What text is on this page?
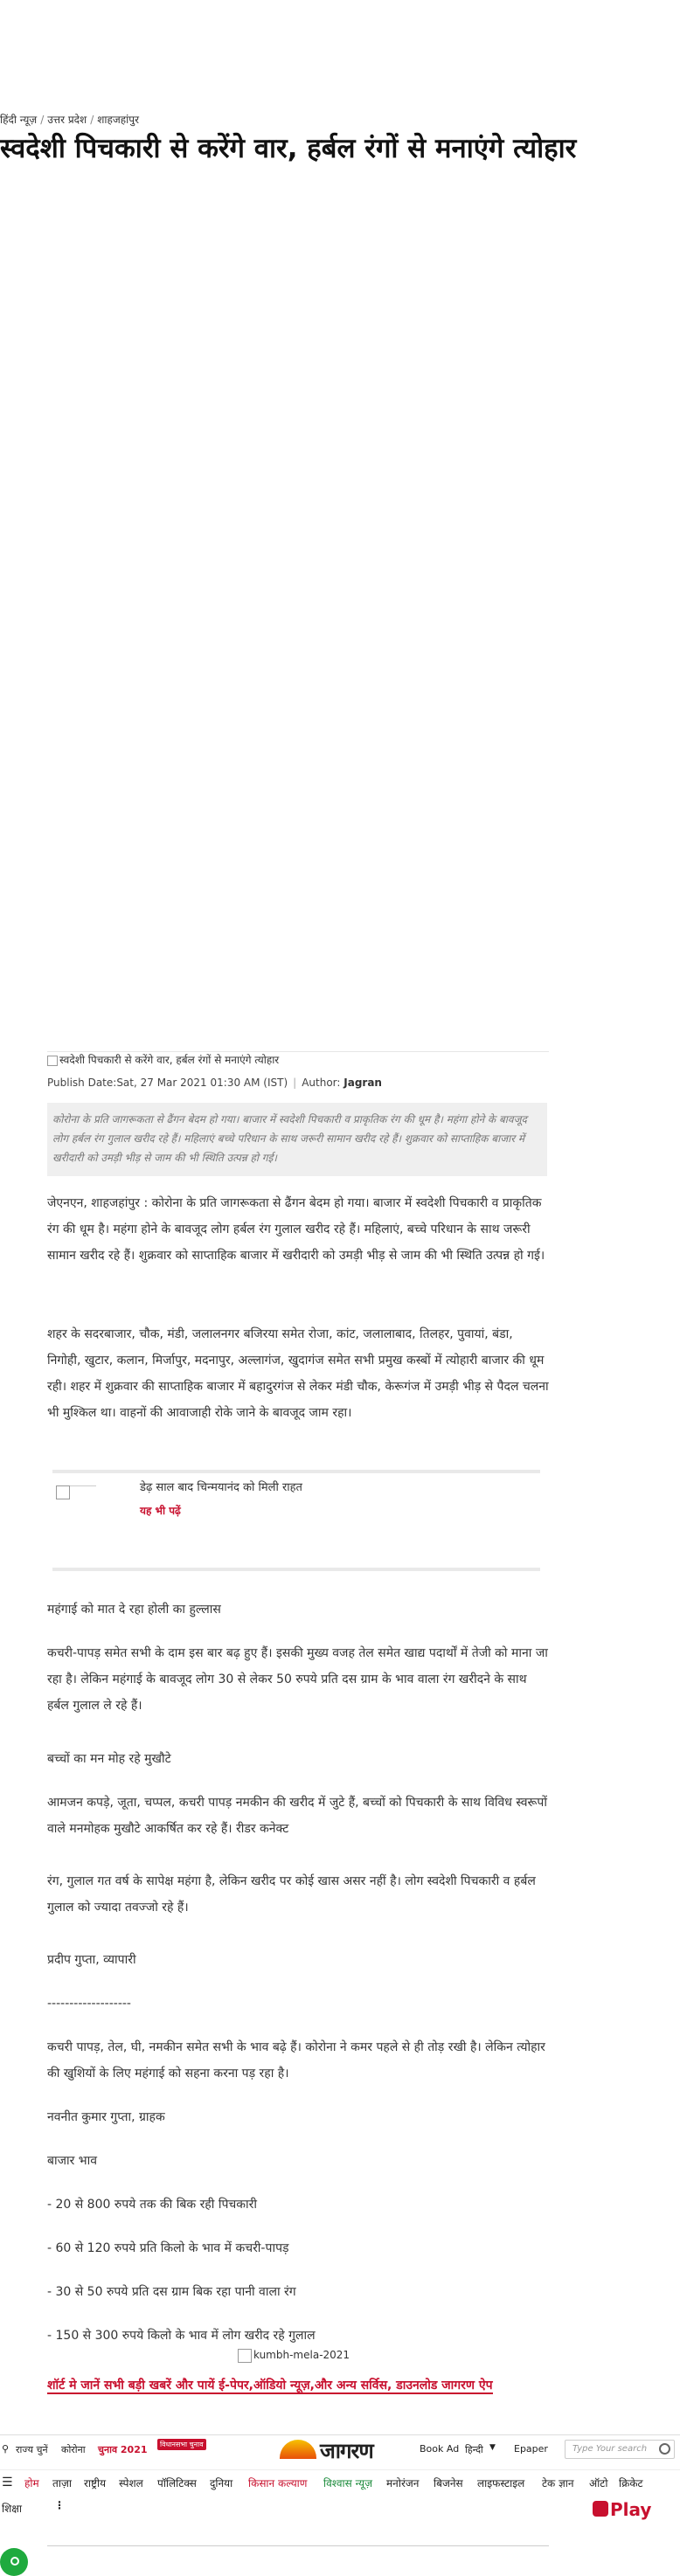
हिंदी न्यूज़ / उत्तर प्रदेश / शाहजहांपुर
स्वदेशी पिचकारी से करेंगे वार, हर्बल रंगों से मनाएंगे त्योहार
स्वदेशी पिचकारी से करेंगे वार, हर्बल रंगों से मनाएंगे त्योहार
Publish Date:Sat, 27 Mar 2021 01:30 AM (IST) | Author: Jagran
कोरोना के प्रति जागरूकता से ढैंगन बेदम हो गया। बाजार में स्वदेशी पिचकारी व प्राकृतिक रंग की धूम है। महंगा होने के बावजूद लोग हर्बल रंग गुलाल खरीद रहे हैं। महिलाएं बच्चे परिधान के साथ जरूरी सामान खरीद रहे हैं। शुक्रवार को साप्ताहिक बाजार में खरीदारी को उमड़ी भीड़ से जाम की भी स्थिति उत्पन्न हो गई।

जेएनएन, शाहजहांपुर : कोरोना के प्रति जागरूकता से ढैंगन बेदम हो गया। बाजार में स्वदेशी पिचकारी व प्राकृतिक रंग की धूम है। महंगा होने के बावजूद लोग हर्बल रंग गुलाल खरीद रहे हैं। महिलाएं, बच्चे परिधान के साथ जरूरी सामान खरीद रहे हैं। शुक्रवार को साप्ताहिक बाजार में खरीदारी को उमड़ी भीड़ से जाम की भी स्थिति उत्पन्न हो गई।

शहर के सदरबाजार, चौक, मंडी, जलालनगर बजिरया समेत रोजा, कांट, जलालाबाद, तिलहर, पुवायां, बंडा, निगोही, खुटार, कलान, मिर्जापुर, मदनापुर, अल्लागंज, खुदागंज समेत सभी प्रमुख कस्बों में त्योहारी बाजार की धूम रही। शहर में शुक्रवार की साप्ताहिक बाजार में बहादुरगंज से लेकर मंडी चौक, केरूगंज में उमड़ी भीड़ से पैदल चलना भी मुश्किल था। वाहनों की आवाजाही रोके जाने के बावजूद जाम रहा।

डेढ़ साल बाद चिन्मयानंद को मिली राहत
यह भी पढ़ें

महंगाई को मात दे रहा होली का हुल्लास

कचरी-पापड़ समेत सभी के दाम इस बार बढ़ हुए हैं। इसकी मुख्य वजह तेल समेत खाद्य पदार्थों में तेजी को माना जा रहा है। लेकिन महंगाई के बावजूद लोग 30 से लेकर 50 रुपये प्रति दस ग्राम के भाव वाला रंग खरीदने के साथ हर्बल गुलाल ले रहे हैं।

बच्चों का मन मोह रहे मुखौटे

आमजन कपड़े, जूता, चप्पल, कचरी पापड़ नमकीन की खरीद में जुटे हैं, बच्चों को पिचकारी के साथ विविध स्वरूपों वाले मनमोहक मुखौटे आकर्षित कर रहे हैं। रीडर कनेक्ट

रंग, गुलाल गत वर्ष के सापेक्ष महंगा है, लेकिन खरीद पर कोई खास असर नहीं है। लोग स्वदेशी पिचकारी व हर्बल गुलाल को ज्यादा तवज्जो रहे हैं।

प्रदीप गुप्ता, व्यापारी

-------------------

कचरी पापड़, तेल, घी, नमकीन समेत सभी के भाव बढ़े हैं। कोरोना ने कमर पहले से ही तोड़ रखी है। लेकिन त्योहार की खुशियों के लिए महंगाई को सहना करना पड़ रहा है।

नवनीत कुमार गुप्ता, ग्राहक

बाजार भाव

- 20 से 800 रुपये तक की बिक रही पिचकारी

- 60 से 120 रुपये प्रति किलो के भाव में कचरी-पापड़

- 30 से 50 रुपये प्रति दस ग्राम बिक रहा पानी वाला रंग

- 150 से 300 रुपये किलो के भाव में लोग खरीद रहे गुलाल

kumbh-mela-2021
शॉर्ट मे जानें सभी बड़ी खबरें और पायें ई-पेपर,ऑडियो न्यूज़,और अन्य सर्विस, डाउनलोड जागरण ऐप
⚲ राज्य चुनें कोरोना चुनाव 2021	विधानसभा चुनाव	Book Ad हिन्दी ▼ Epaper
जागरण	Type Your search
☰ होम ताज़ा राष्ट्रीय स्पेशल पॉलिटिक्स दुनिया किसान कल्याण विश्वास न्यूज़ मनोरंजन बिजनेस लाइफस्टाइल टेक ज्ञान ऑटो क्रिकेट
शिक्षा	⋮	Play
